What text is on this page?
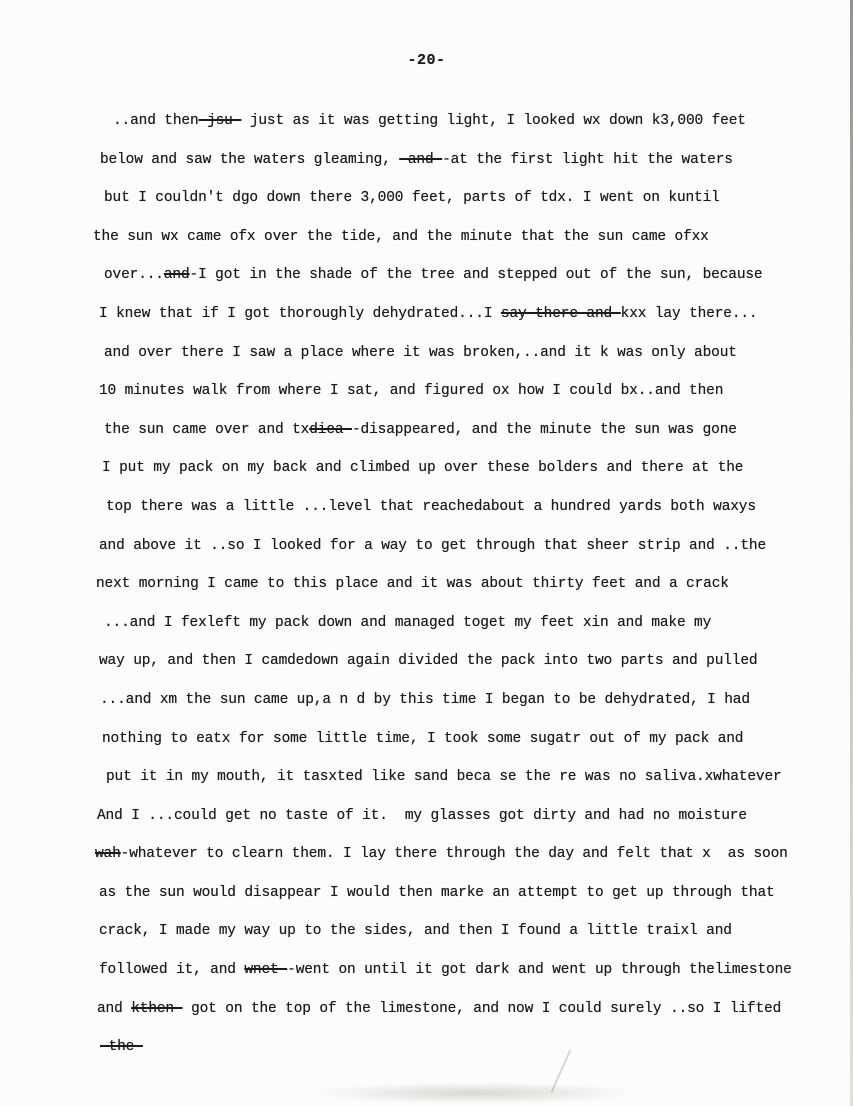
-20-
..and then-jsu- just as it was getting light, I looked wx down k3,000 feet
below and saw the waters gleaming, -and--at the first light hit the waters
but I couldn't dgo down there 3,000 feet, parts of tdx. I went on kuntil
the sun wx came ofx over the tide, and the minute that the sun came ofxx
over...and-I got in the shade of the tree and stepped out of the sun, because
I knew that if I got thoroughly dehydrated...I say-there-and-kxx lay there...
and over there I saw a place where it was broken,..and it k was only about
10 minutes walk from where I sat, and figured ox how I could bx..and then
the sun came over and txdiea--disappeared, and the minute the sun was gone
I put my pack on my back and climbed up over these bolders and there at the
top there was a little ...level that reachedabout a hundred yards both waxys
and above it ..so I looked for a way to get through that sheer strip and ..the
next morning I came to this place and it was about thirty feet and a crack
...and I fexleft my pack down and managed toget my feet xin and make my
way up, and then I camdedown again divided the pack into two parts and pulled
...and xm the sun came up,a n d by this time I began to be dehydrated, I had
nothing to eatx for some little time, I took some sugatr out of my pack and
put it in my mouth, it tasxted like sand beca se the re was no saliva.xwhatever
And I ...could get no taste of it.  my glasses got dirty and had no moisture
wah-whatever to clearn them. I lay there through the day and felt that x  as soon
as the sun would disappear I would then marke an attempt to get up through that
crack, I made my way up to the sides, and then I found a little traixl and
followed it, and wnet--went on until it got dark and went up through thelimestone
and kthen- got on the top of the limestone, and now I could surely ..so I lifted
-the-
